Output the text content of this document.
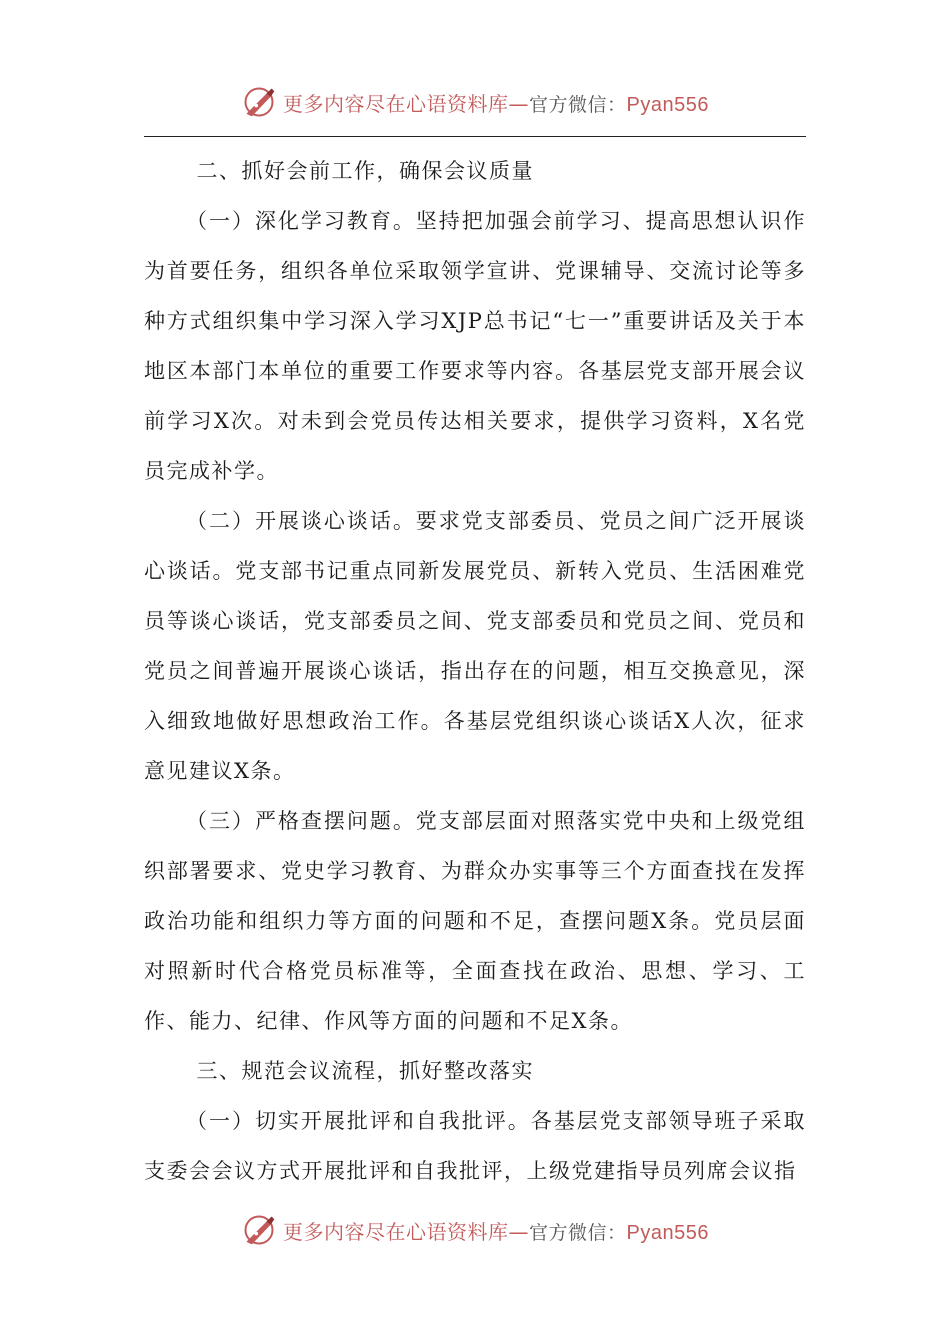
更多内容尽在心语资料库 — 官方微信： Pyan556

二、抓好会前工作，确保会议质量

（一）深化学习教育。坚持把加强会前学习、提高思想认识作为首要任务，组织各单位采取领学宣讲、党课辅导、交流讨论等多种方式组织集中学习深入学习XJP总书记“七一”重要讲话及关于本地区本部门本单位的重要工作要求等内容。各基层党支部开展会议前学习X次。对未到会党员传达相关要求，提供学习资料，X名党员完成补学。

（二）开展谈心谈话。要求党支部委员、党员之间广泛开展谈心谈话。党支部书记重点同新发展党员、新转入党员、生活困难党员等谈心谈话，党支部委员之间、党支部委员和党员之间、党员和党员之间普遍开展谈心谈话，指出存在的问题，相互交换意见，深入细致地做好思想政治工作。各基层党组织谈心谈话X人次，征求意见建议X条。

（三）严格查摆问题。党支部层面对照落实党中央和上级党组织部署要求、党史学习教育、为群众办实事等三个方面查找在发挥政治功能和组织力等方面的问题和不足，查摆问题X条。党员层面对照新时代合格党员标准等，全面查找在政治、思想、学习、工作、能力、纪律、作风等方面的问题和不足X条。

三、规范会议流程，抓好整改落实

（一）切实开展批评和自我批评。各基层党支部领导班子采取支委会会议方式开展批评和自我批评，上级党建指导员列席会议指

更多内容尽在心语资料库 — 官方微信： Pyan556
